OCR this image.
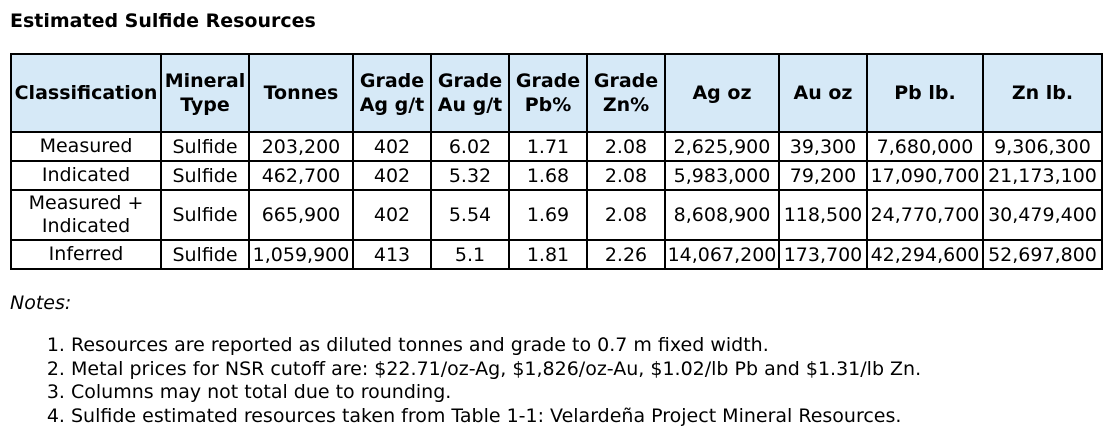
Estimated Sulfide Resources
Classification	Mineral Type	Tonnes	Grade Ag g/t	Grade Au g/t	Grade Pb%	Grade Zn%	Ag oz	Au oz	Pb lb.	Zn lb.
Measured	Sulfide	203,200	402	6.02	1.71	2.08	2,625,900	39,300	7,680,000	9,306,300
Indicated	Sulfide	462,700	402	5.32	1.68	2.08	5,983,000	79,200	17,090,700	21,173,100
Measured + Indicated	Sulfide	665,900	402	5.54	1.69	2.08	8,608,900	118,500	24,770,700	30,479,400
Inferred	Sulfide	1,059,900	413	5.1	1.81	2.26	14,067,200	173,700	42,294,600	52,697,800

Notes:

1. Resources are reported as diluted tonnes and grade to 0.7 m fixed width.
2. Metal prices for NSR cutoff are: $22.71/oz-Ag, $1,826/oz-Au, $1.02/lb Pb and $1.31/lb Zn.
3. Columns may not total due to rounding.
4. Sulfide estimated resources taken from Table 1-1: Velardeña Project Mineral Resources.
